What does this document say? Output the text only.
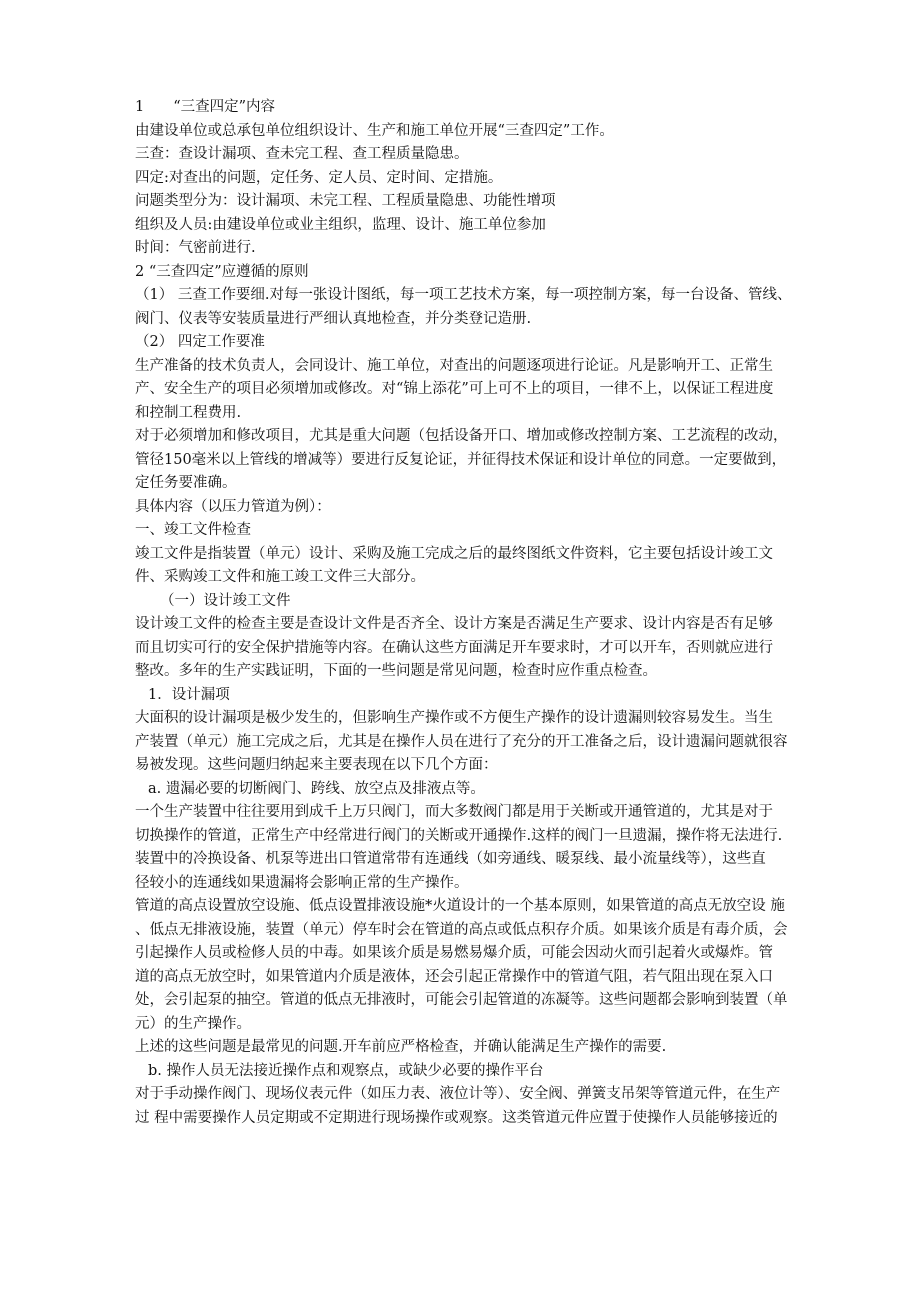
1　　“三查四定”内容
由建设单位或总承包单位组织设计、生产和施工单位开展“三查四定”工作。
三查：查设计漏项、查未完工程、查工程质量隐患。
四定:对查出的问题，定任务、定人员、定时间、定措施。
问题类型分为：设计漏项、未完工程、工程质量隐患、功能性增项
组织及人员:由建设单位或业主组织，监理、设计、施工单位参加
时间：气密前进行.
2 “三查四定”应遵循的原则
（1） 三查工作要细.对每一张设计图纸，每一项工艺技术方案，每一项控制方案，每一台设备、管线、
阀门、仪表等安装质量进行严细认真地检查，并分类登记造册.
（2） 四定工作要准
生产准备的技术负责人，会同设计、施工单位，对查出的问题逐项进行论证。凡是影响开工、正常生
产、安全生产的项目必须增加或修改。对“锦上添花”可上可不上的项目，一律不上，以保证工程进度
和控制工程费用.
对于必须增加和修改项目，尤其是重大问题（包括设备开口、增加或修改控制方案、工艺流程的改动，
管径150毫米以上管线的增减等）要进行反复论证，并征得技术保证和设计单位的同意。一定要做到，
定任务要准确。
具体内容（以压力管道为例）：
一、竣工文件检查
竣工文件是指装置（单元）设计、采购及施工完成之后的最终图纸文件资料，它主要包括设计竣工文
件、采购竣工文件和施工竣工文件三大部分。
（一）设计竣工文件
设计竣工文件的检查主要是查设计文件是否齐全、设计方案是否满足生产要求、设计内容是否有足够
而且切实可行的安全保护措施等内容。在确认这些方面满足开车要求时，才可以开车，否则就应进行
整改。多年的生产实践证明，下面的一些问题是常见问题，检查时应作重点检查。
1．设计漏项
大面积的设计漏项是极少发生的，但影响生产操作或不方便生产操作的设计遗漏则较容易发生。当生
产装置（单元）施工完成之后，尤其是在操作人员在进行了充分的开工准备之后，设计遗漏问题就很容
易被发现。这些问题归纳起来主要表现在以下几个方面：
a. 遗漏必要的切断阀门、跨线、放空点及排液点等。
一个生产装置中往往要用到成千上万只阀门，而大多数阀门都是用于关断或开通管道的，尤其是对于
切换操作的管道，正常生产中经常进行阀门的关断或开通操作.这样的阀门一旦遗漏，操作将无法进行.
装置中的冷换设备、机泵等进出口管道常带有连通线（如旁通线、暖泵线、最小流量线等），这些直
径较小的连通线如果遗漏将会影响正常的生产操作。
管道的高点设置放空设施、低点设置排液设施*火道设计的一个基本原则，如果管道的高点无放空设 施
、低点无排液设施，装置（单元）停车时会在管道的高点或低点积存介质。如果该介质是有毒介质，会
引起操作人员或检修人员的中毒。如果该介质是易燃易爆介质，可能会因动火而引起着火或爆炸。管
道的高点无放空时，如果管道内介质是液体，还会引起正常操作中的管道气阻，若气阻出现在泵入口
处，会引起泵的抽空。管道的低点无排液时，可能会引起管道的冻凝等。这些问题都会影响到装置（单
元）的生产操作。
上述的这些问题是最常见的问题.开车前应严格检查，并确认能满足生产操作的需要.
b. 操作人员无法接近操作点和观察点，或缺少必要的操作平台
对于手动操作阀门、现场仪表元件（如压力表、液位计等）、安全阀、弹簧支吊架等管道元件，在生产
过 程中需要操作人员定期或不定期进行现场操作或观察。这类管道元件应置于使操作人员能够接近的
